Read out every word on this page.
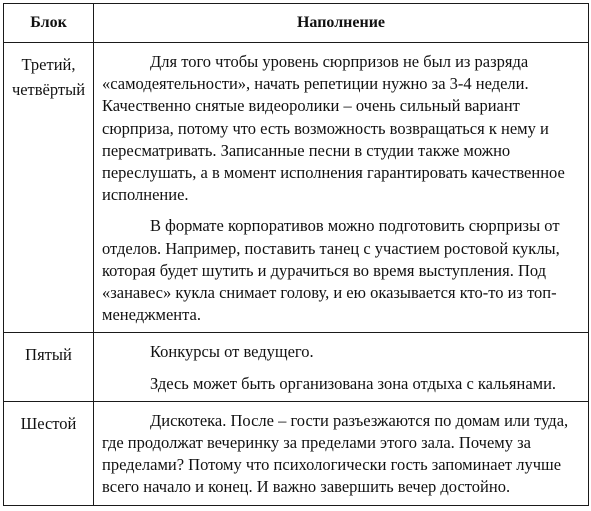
Блок	Наполнение
Третий, четвёртый	Для того чтобы уровень сюрпризов не был из разряда «самодеятельности», начать репетиции нужно за 3-4 недели. Качественно снятые видеоролики – очень сильный вариант сюрприза, потому что есть возможность возвращаться к нему и пересматривать. Записанные песни в студии также можно переслушать, а в момент исполнения гарантировать качественное исполнение.

В формате корпоративов можно подготовить сюрпризы от отделов. Например, поставить танец с участием ростовой куклы, которая будет шутить и дурачиться во время выступления. Под «занавес» кукла снимает голову, и ею оказывается кто-то из топ-менеджмента.

Пятый	Конкурсы от ведущего.

Здесь может быть организована зона отдыха с кальянами.

Шестой	Дискотека. После – гости разъезжаются по домам или туда, где продолжат вечеринку за пределами этого зала. Почему за пределами? Потому что психологически гость запоминает лучше всего начало и конец. И важно завершить вечер достойно.
